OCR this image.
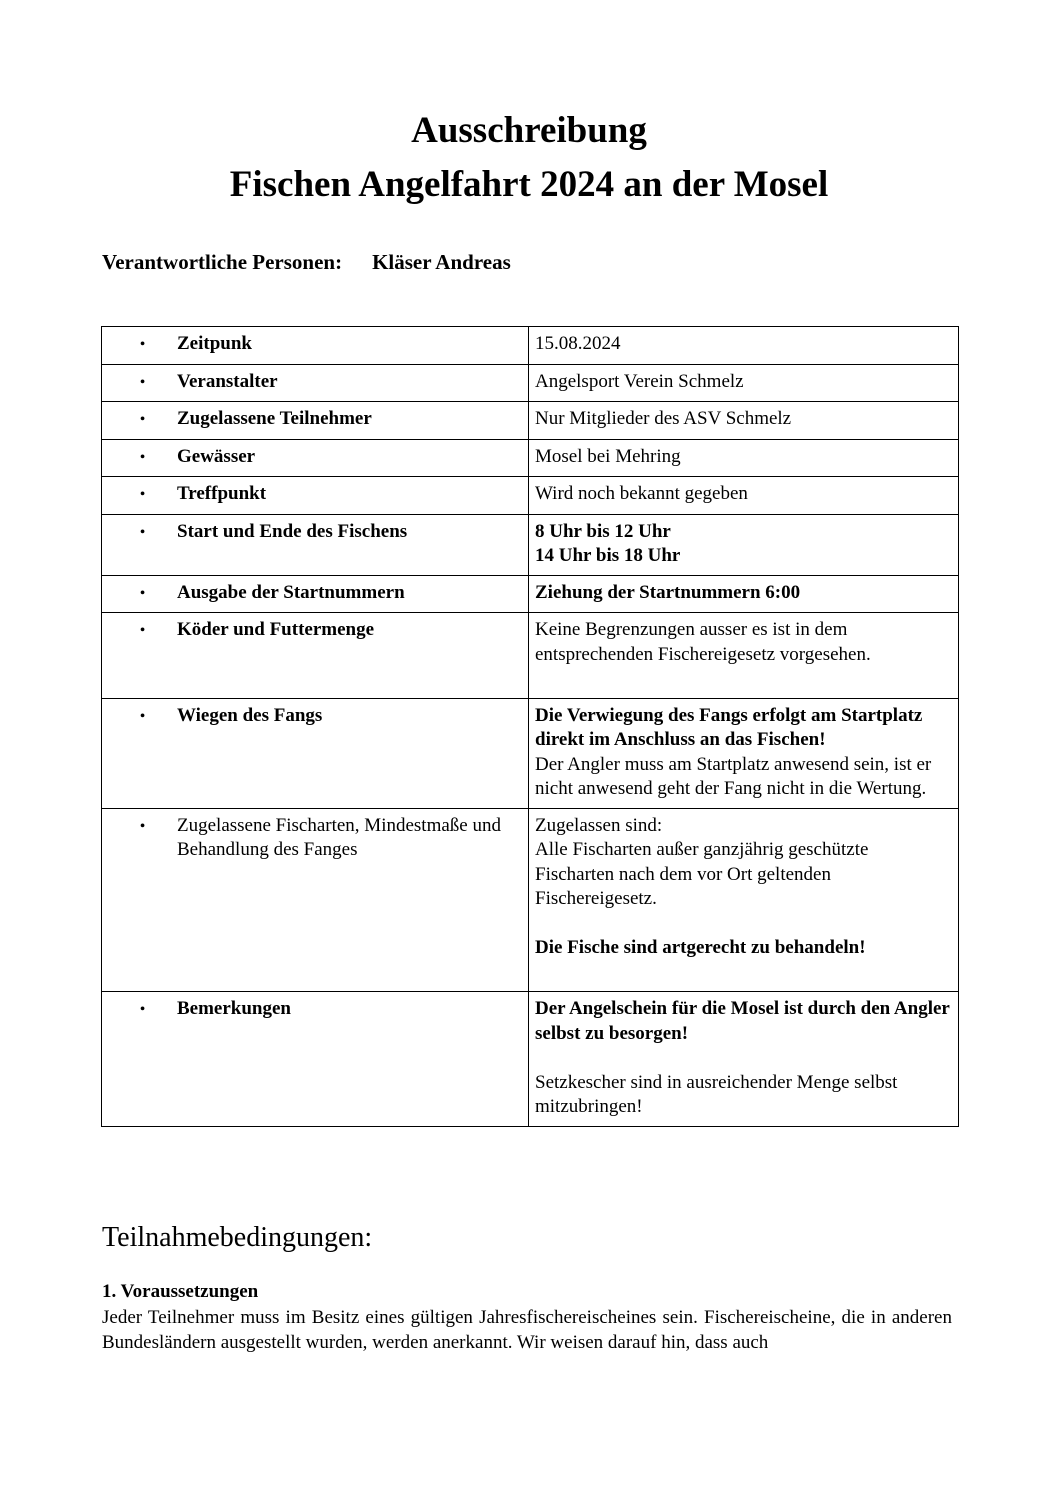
Ausschreibung
Fischen Angelfahrt 2024 an der Mosel
Verantwortliche Personen: Kläser Andreas
•
Zeitpunk	15.08.2024

•
Veranstalter	Angelsport Verein Schmelz

•
Zugelassene Teilnehmer	Nur Mitglieder des ASV Schmelz

•
Gewässer	Mosel bei Mehring

•
Treffpunkt	Wird noch bekannt gegeben

•
Start und Ende des Fischens	8 Uhr bis 12 Uhr
14 Uhr bis 18 Uhr

•
Ausgabe der Startnummern	Ziehung der Startnummern 6:00

•
Köder und Futtermenge	Keine Begrenzungen ausser es ist in dem entsprechenden Fischereigesetz vorgesehen.

•
Wiegen des Fangs	Die Verwiegung des Fangs erfolgt am Startplatz direkt im Anschluss an das Fischen!
Der Angler muss am Startplatz anwesend sein, ist er nicht anwesend geht der Fang nicht in die Wertung.

•
Zugelassene Fischarten, Mindestmaße und Behandlung des Fanges	Zugelassen sind:
Alle Fischarten außer ganzjährig geschützte Fischarten nach dem vor Ort geltenden Fischereigesetz.
Die Fische sind artgerecht zu behandeln!

•
Bemerkungen	Der Angelschein für die Mosel ist durch den Angler selbst zu besorgen!
Setzkescher sind in ausreichender Menge selbst mitzubringen!
Teilnahmebedingungen:
1. Voraussetzungen
Jeder Teilnehmer muss im Besitz eines gültigen Jahresfischereischeines sein. Fischereischeine, die in anderen Bundesländern ausgestellt wurden, werden anerkannt. Wir weisen darauf hin, dass auch
